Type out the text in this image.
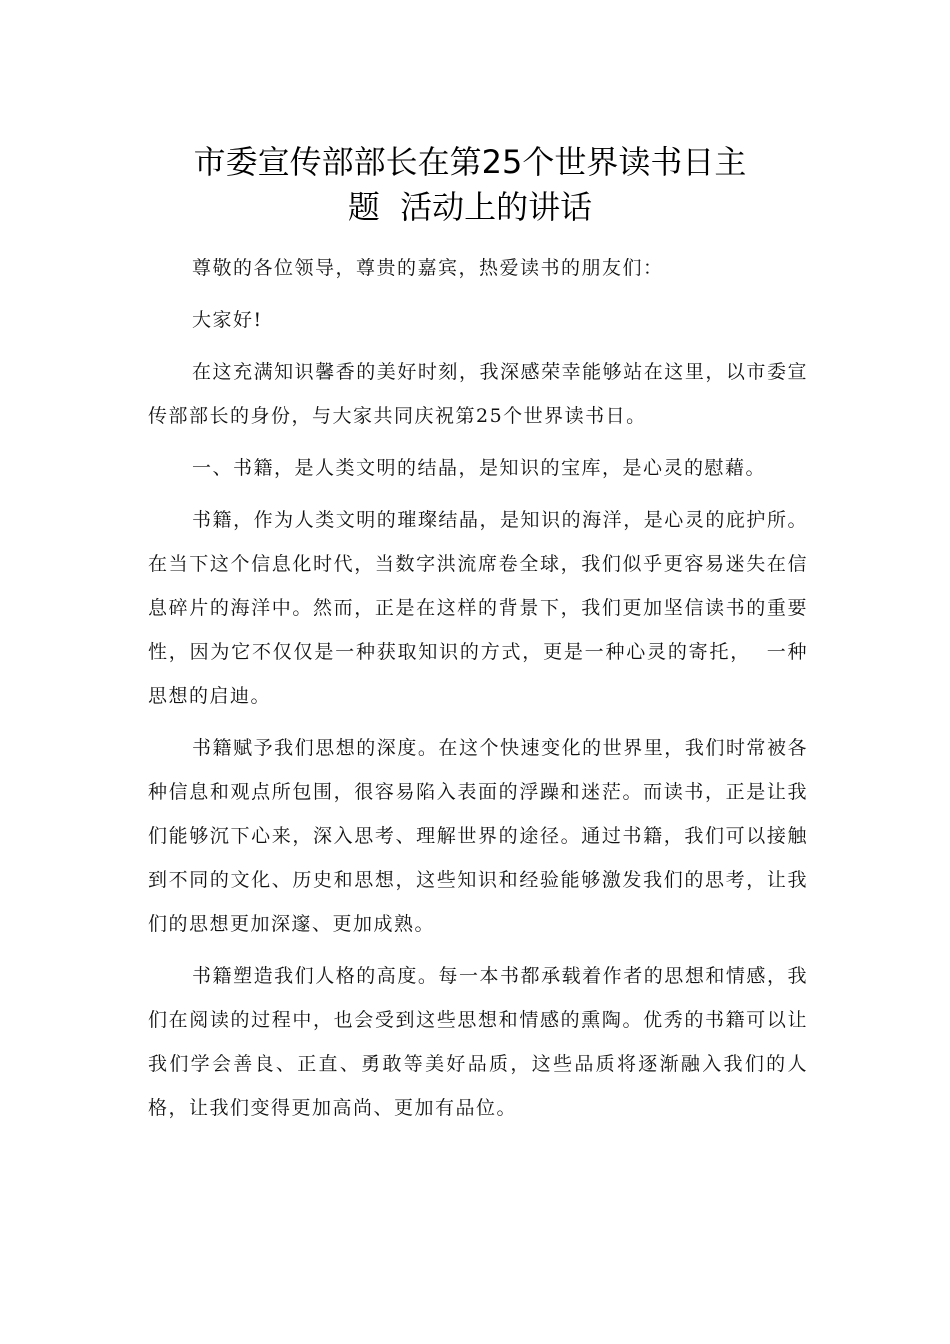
市委宣传部部长在第25个世界读书日主
题  活动上的讲话

尊敬的各位领导，尊贵的嘉宾，热爱读书的朋友们：

大家好!

在这充满知识馨香的美好时刻，我深感荣幸能够站在这里，以市委宣传部部长的身份，与大家共同庆祝第25个世界读书日。

一、书籍，是人类文明的结晶，是知识的宝库，是心灵的慰藉。

书籍，作为人类文明的璀璨结晶，是知识的海洋，是心灵的庇护所。在当下这个信息化时代，当数字洪流席卷全球，我们似乎更容易迷失在信息碎片的海洋中。然而，正是在这样的背景下，我们更加坚信读书的重要性，因为它不仅仅是一种获取知识的方式，更是一种心灵的寄托，  一种思想的启迪。

书籍赋予我们思想的深度。在这个快速变化的世界里，我们时常被各种信息和观点所包围，很容易陷入表面的浮躁和迷茫。而读书，正是让我们能够沉下心来，深入思考、理解世界的途径。通过书籍，我们可以接触到不同的文化、历史和思想，这些知识和经验能够激发我们的思考，让我们的思想更加深邃、更加成熟。

书籍塑造我们人格的高度。每一本书都承载着作者的思想和情感，我们在阅读的过程中，也会受到这些思想和情感的熏陶。优秀的书籍可以让我们学会善良、正直、勇敢等美好品质，这些品质将逐渐融入我们的人格，让我们变得更加高尚、更加有品位。
